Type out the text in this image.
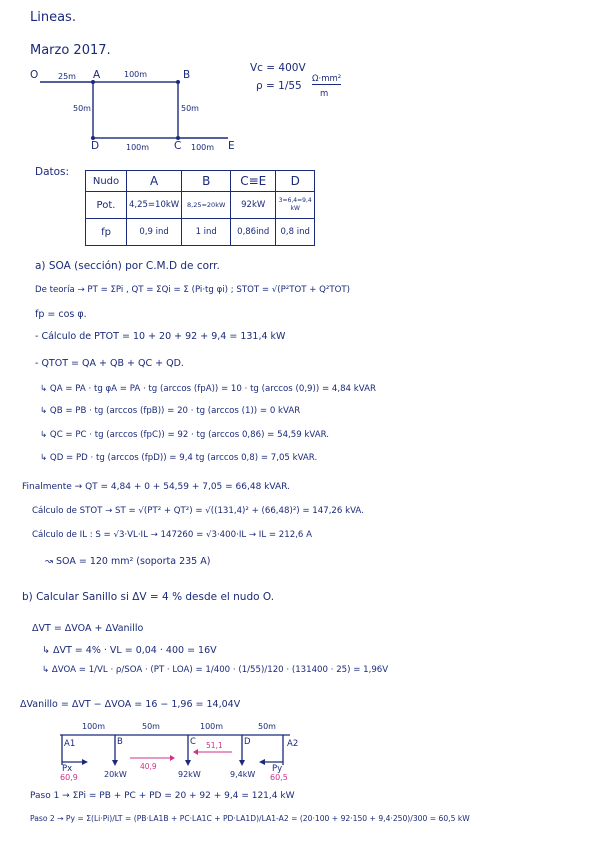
Lineas.
Marzo 2017.
O	A	B
D	C	E
25m	100m
50m	50m
100m	100m
Vc = 400V
ρ = 1/55
Ω·mm²
m
Datos:
Nudo	A	B	C≡E	D
Pot.	4,25=10kW	8,25=20kW	92kW	3=6,4=9,4 kW
fp	0,9 ind	1 ind	0,86ind	0,8 ind
a) SOA (sección) por C.M.D de corr.
De teoría → PT = ΣPi , QT = ΣQi = Σ (Pi·tg φi) ; STOT = √(P²TOT + Q²TOT)
fp = cos φ.
- Cálculo de PTOT = 10 + 20 + 92 + 9,4 = 131,4 kW
- QTOT = QA + QB + QC + QD.
↳ QA = PA · tg φA = PA · tg (arccos (fpA)) = 10 · tg (arccos (0,9)) = 4,84 kVAR
↳ QB = PB · tg (arccos (fpB)) = 20 · tg (arccos (1)) = 0 kVAR
↳ QC = PC · tg (arccos (fpC)) = 92 · tg (arccos 0,86) = 54,59 kVAR.
↳ QD = PD · tg (arccos (fpD)) = 9,4 tg (arccos 0,8) = 7,05 kVAR.
Finalmente → QT = 4,84 + 0 + 54,59 + 7,05 = 66,48 kVAR.
Cálculo de STOT → ST = √(PT² + QT²) = √((131,4)² + (66,48)²) = 147,26 kVA.
Cálculo de IL : S = √3·VL·IL → 147260 = √3·400·IL → IL = 212,6 A
↝ SOA = 120 mm² (soporta 235 A)
b) Calcular Sanillo si ΔV = 4 % desde el nudo O.
ΔVT = ΔVOA + ΔVanillo
↳ ΔVT = 4% · VL = 0,04 · 400 = 16V
↳ ΔVOA = 1/VL · ρ/SOA · (PT · LOA) = 1/400 · (1/55)/120 · (131400 · 25) = 1,96V
ΔVanillo = ΔVT − ΔVOA = 16 − 1,96 = 14,04V
100m	50m	100m	50m
A1	B	C	D	A2
Px
60,9
Py
60,5
20kW	92kW	9,4kW
40,9
51,1
Paso 1 → ΣPi = PB + PC + PD = 20 + 92 + 9,4 = 121,4 kW
Paso 2 → Py = Σ(Li·Pi)/LT = (PB·LA1B + PC·LA1C + PD·LA1D)/LA1-A2 = (20·100 + 92·150 + 9,4·250)/300 = 60,5 kW
